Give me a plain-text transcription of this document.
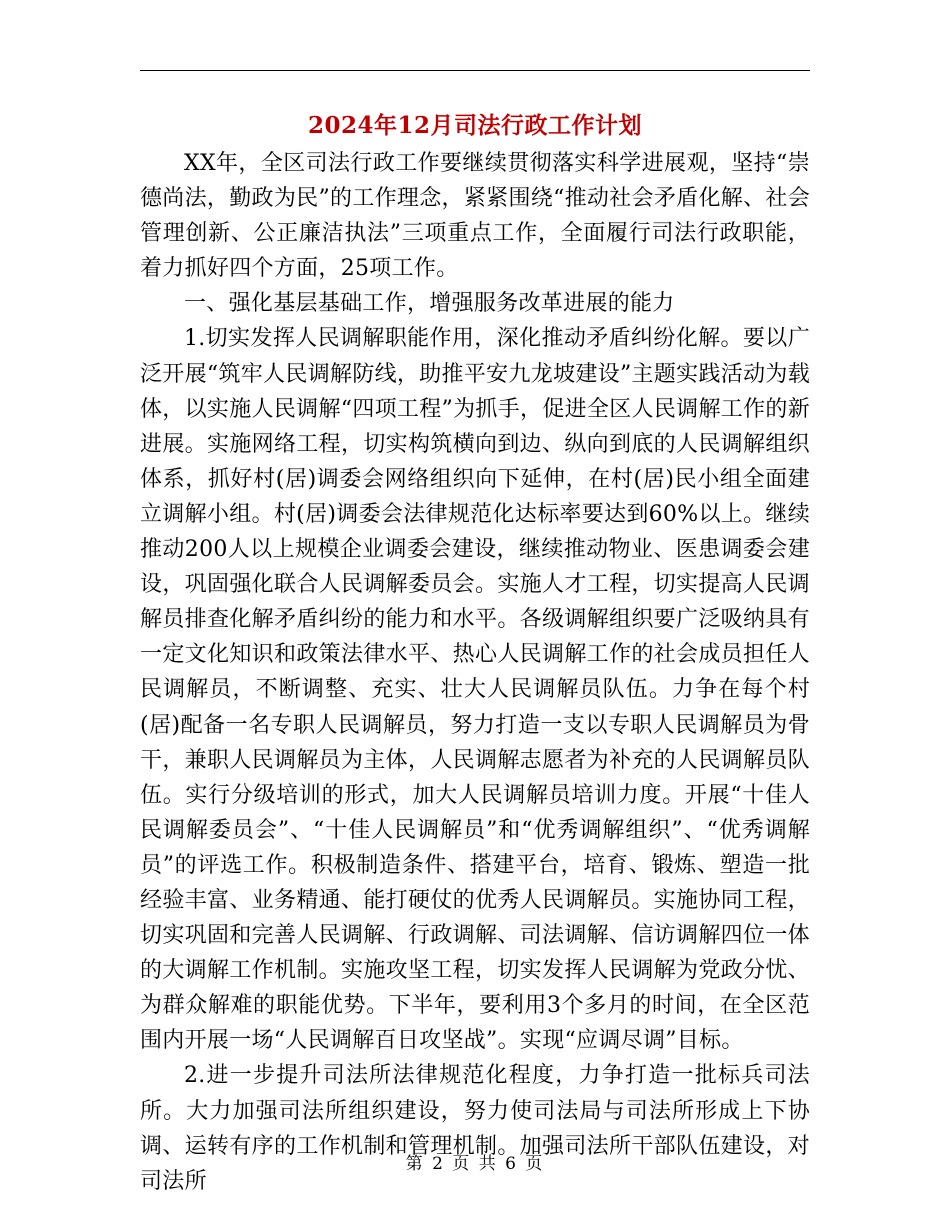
2024年12月司法行政工作计划

XX年，全区司法行政工作要继续贯彻落实科学进展观，坚持“崇德尚法，勤政为民”的工作理念，紧紧围绕“推动社会矛盾化解、社会管理创新、公正廉洁执法”三项重点工作，全面履行司法行政职能，着力抓好四个方面，25项工作。

一、强化基层基础工作，增强服务改革进展的能力

1.切实发挥人民调解职能作用，深化推动矛盾纠纷化解。要以广泛开展“筑牢人民调解防线，助推平安九龙坡建设”主题实践活动为载体，以实施人民调解“四项工程”为抓手，促进全区人民调解工作的新进展。实施网络工程，切实构筑横向到边、纵向到底的人民调解组织体系，抓好村(居)调委会网络组织向下延伸，在村(居)民小组全面建立调解小组。村(居)调委会法律规范化达标率要达到60%以上。继续推动200人以上规模企业调委会建设，继续推动物业、医患调委会建设，巩固强化联合人民调解委员会。实施人才工程，切实提高人民调解员排查化解矛盾纠纷的能力和水平。各级调解组织要广泛吸纳具有一定文化知识和政策法律水平、热心人民调解工作的社会成员担任人民调解员，不断调整、充实、壮大人民调解员队伍。力争在每个村(居)配备一名专职人民调解员，努力打造一支以专职人民调解员为骨干，兼职人民调解员为主体，人民调解志愿者为补充的人民调解员队伍。实行分级培训的形式，加大人民调解员培训力度。开展“十佳人民调解委员会”、“十佳人民调解员”和“优秀调解组织”、“优秀调解员”的评选工作。积极制造条件、搭建平台，培育、锻炼、塑造一批经验丰富、业务精通、能打硬仗的优秀人民调解员。实施协同工程，切实巩固和完善人民调解、行政调解、司法调解、信访调解四位一体的大调解工作机制。实施攻坚工程，切实发挥人民调解为党政分忧、为群众解难的职能优势。下半年，要利用3个多月的时间，在全区范围内开展一场“人民调解百日攻坚战”。实现“应调尽调”目标。

2.进一步提升司法所法律规范化程度，力争打造一批标兵司法所。大力加强司法所组织建设，努力使司法局与司法所形成上下协调、运转有序的工作机制和管理机制。加强司法所干部队伍建设，对司法所

第 2 页 共 6 页
